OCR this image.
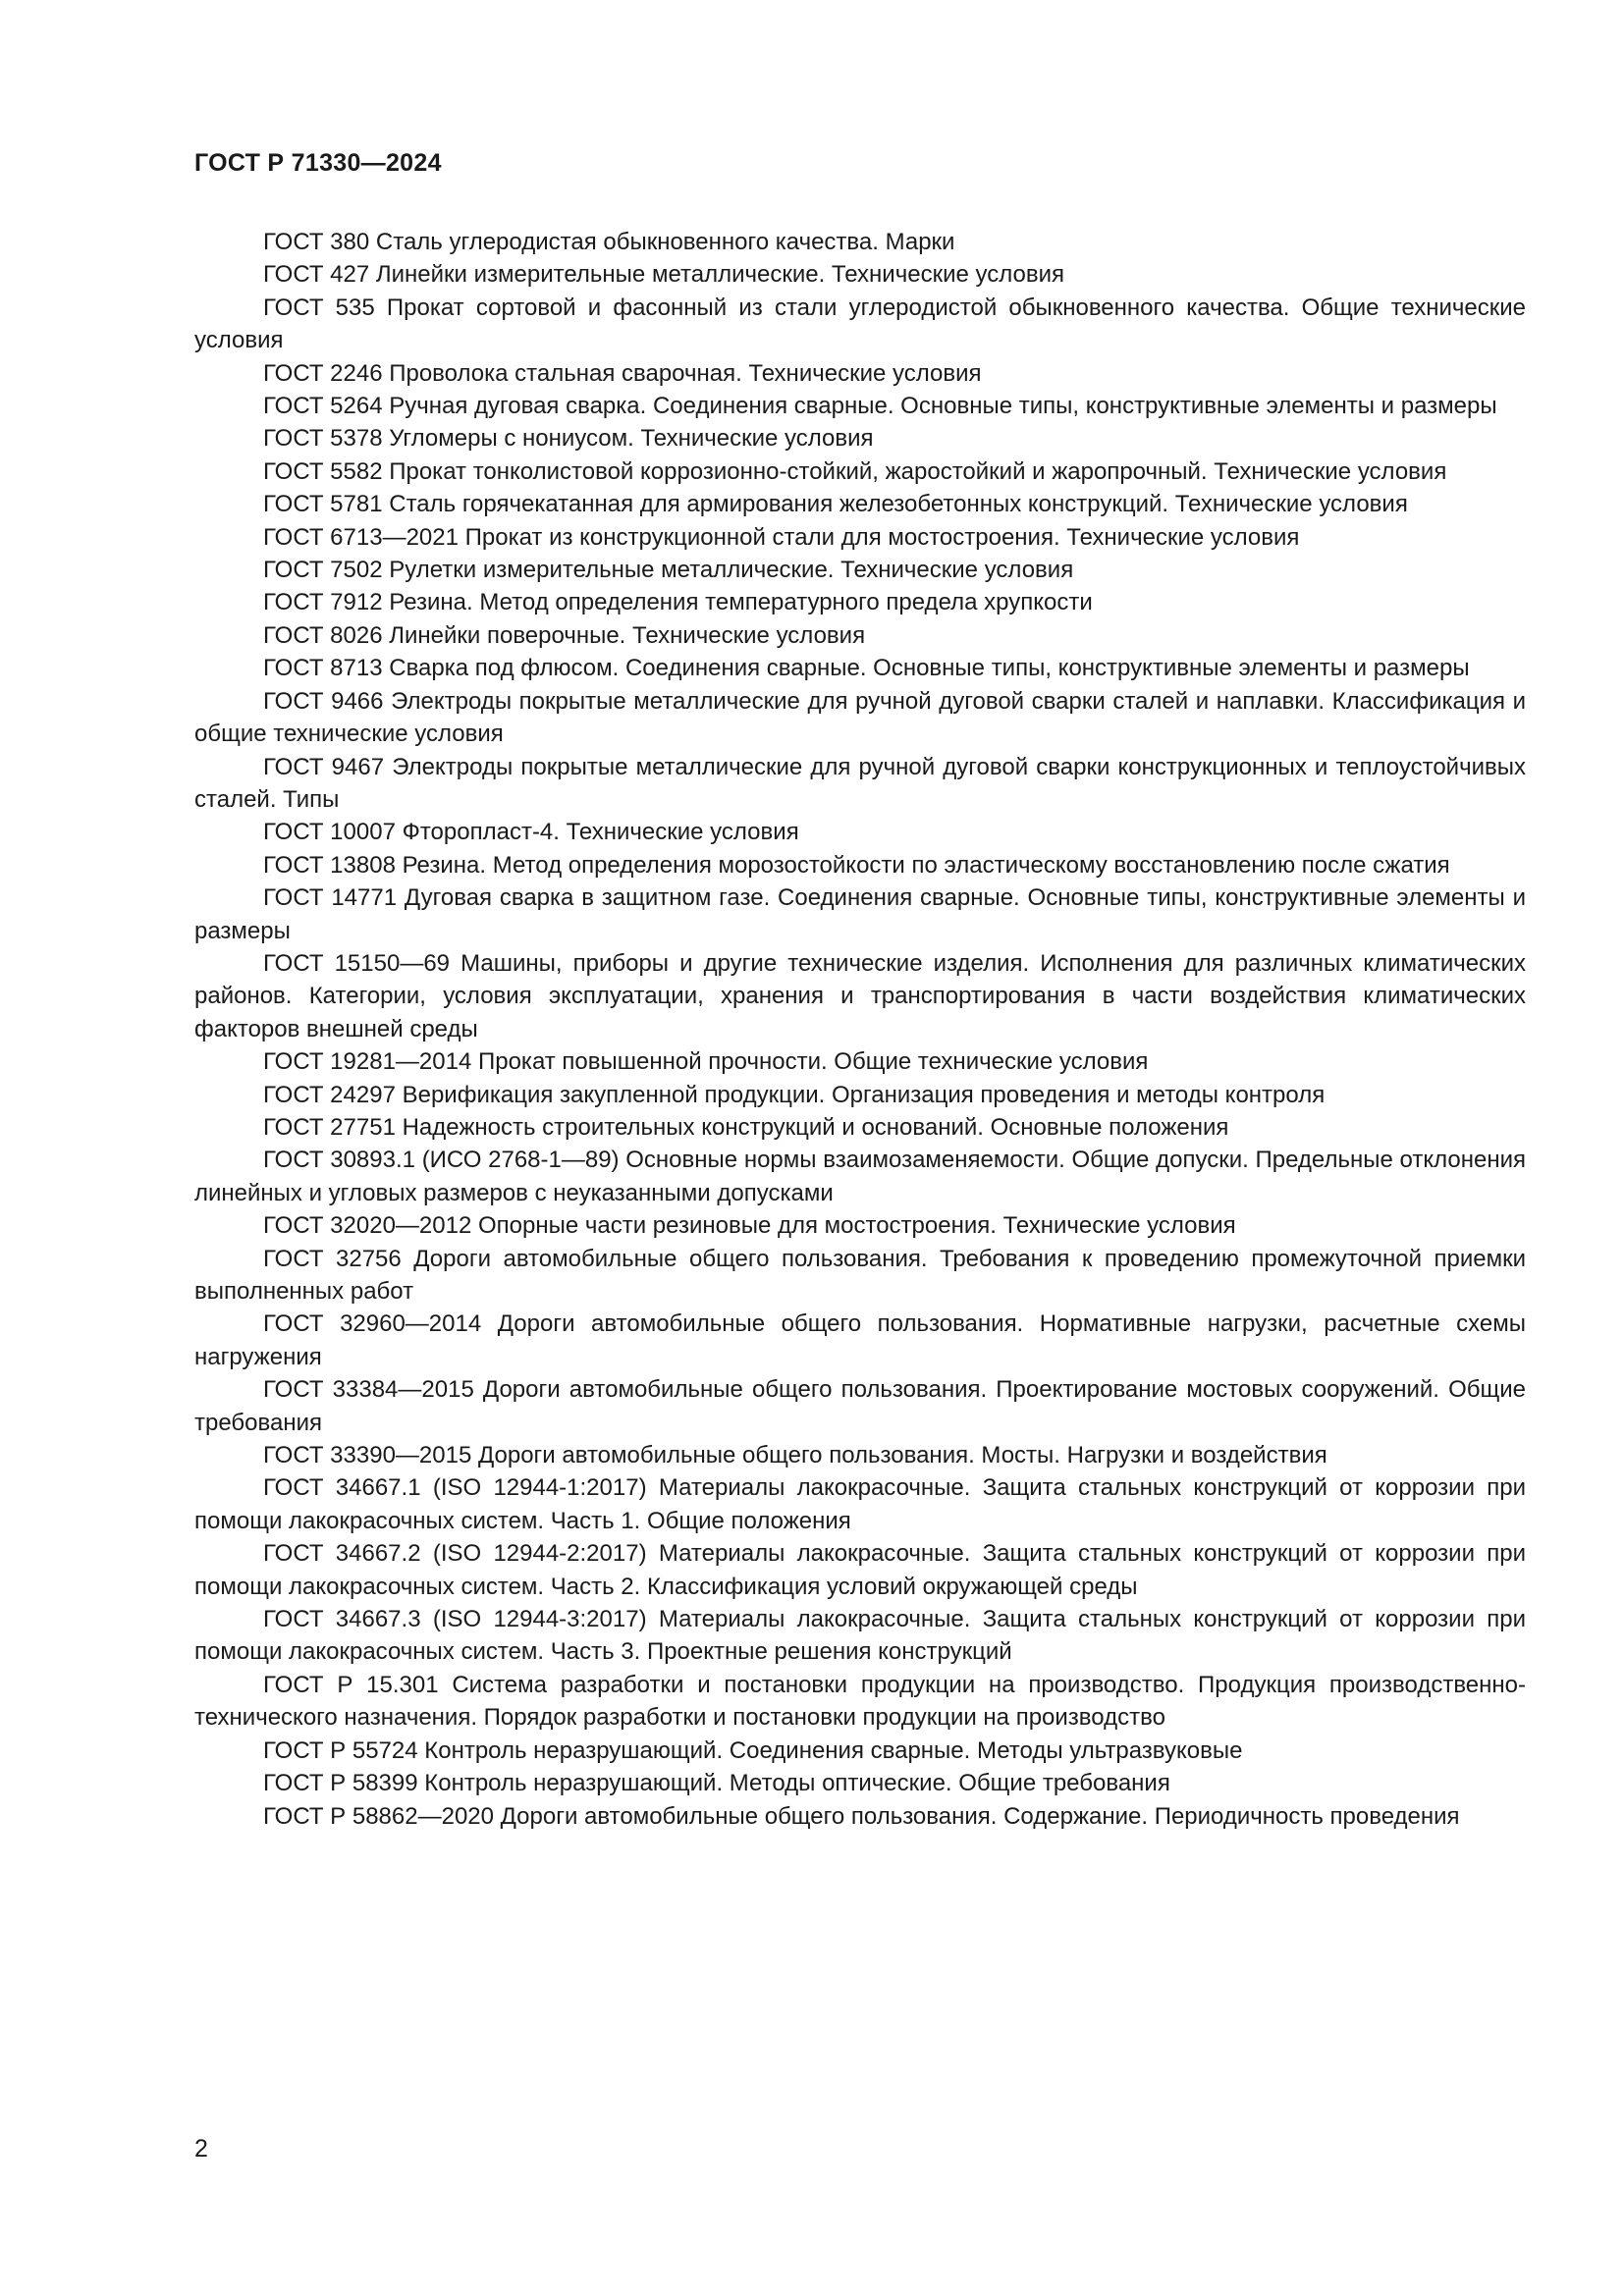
ГОСТ Р 71330—2024

ГОСТ 380 Сталь углеродистая обыкновенного качества. Марки

ГОСТ 427 Линейки измерительные металлические. Технические условия

ГОСТ 535 Прокат сортовой и фасонный из стали углеродистой обыкновенного качества. Общие технические условия

ГОСТ 2246 Проволока стальная сварочная. Технические условия

ГОСТ 5264 Ручная дуговая сварка. Соединения сварные. Основные типы, конструктивные элементы и размеры

ГОСТ 5378 Угломеры с нониусом. Технические условия

ГОСТ 5582 Прокат тонколистовой коррозионно-стойкий, жаростойкий и жаропрочный. Технические условия

ГОСТ 5781 Сталь горячекатанная для армирования железобетонных конструкций. Технические условия

ГОСТ 6713—2021 Прокат из конструкционной стали для мостостроения. Технические условия

ГОСТ 7502 Рулетки измерительные металлические. Технические условия

ГОСТ 7912 Резина. Метод определения температурного предела хрупкости

ГОСТ 8026 Линейки поверочные. Технические условия

ГОСТ 8713 Сварка под флюсом. Соединения сварные. Основные типы, конструктивные элементы и размеры

ГОСТ 9466 Электроды покрытые металлические для ручной дуговой сварки сталей и наплавки. Классификация и общие технические условия

ГОСТ 9467 Электроды покрытые металлические для ручной дуговой сварки конструкционных и теплоустойчивых сталей. Типы

ГОСТ 10007 Фторопласт-4. Технические условия

ГОСТ 13808 Резина. Метод определения морозостойкости по эластическому восстановлению после сжатия

ГОСТ 14771 Дуговая сварка в защитном газе. Соединения сварные. Основные типы, конструктивные элементы и размеры

ГОСТ 15150—69 Машины, приборы и другие технические изделия. Исполнения для различных климатических районов. Категории, условия эксплуатации, хранения и транспортирования в части воздействия климатических факторов внешней среды

ГОСТ 19281—2014 Прокат повышенной прочности. Общие технические условия

ГОСТ 24297 Верификация закупленной продукции. Организация проведения и методы контроля

ГОСТ 27751 Надежность строительных конструкций и оснований. Основные положения

ГОСТ 30893.1 (ИСО 2768-1—89) Основные нормы взаимозаменяемости. Общие допуски. Предельные отклонения линейных и угловых размеров с неуказанными допусками

ГОСТ 32020—2012 Опорные части резиновые для мостостроения. Технические условия

ГОСТ 32756 Дороги автомобильные общего пользования. Требования к проведению промежуточной приемки выполненных работ

ГОСТ 32960—2014 Дороги автомобильные общего пользования. Нормативные нагрузки, расчетные схемы нагружения

ГОСТ 33384—2015 Дороги автомобильные общего пользования. Проектирование мостовых сооружений. Общие требования

ГОСТ 33390—2015 Дороги автомобильные общего пользования. Мосты. Нагрузки и воздействия

ГОСТ 34667.1 (ISO 12944-1:2017) Материалы лакокрасочные. Защита стальных конструкций от коррозии при помощи лакокрасочных систем. Часть 1. Общие положения

ГОСТ 34667.2 (ISO 12944-2:2017) Материалы лакокрасочные. Защита стальных конструкций от коррозии при помощи лакокрасочных систем. Часть 2. Классификация условий окружающей среды

ГОСТ 34667.3 (ISO 12944-3:2017) Материалы лакокрасочные. Защита стальных конструкций от коррозии при помощи лакокрасочных систем. Часть 3. Проектные решения конструкций

ГОСТ Р 15.301 Система разработки и постановки продукции на производство. Продукция производственно-технического назначения. Порядок разработки и постановки продукции на производство

ГОСТ Р 55724 Контроль неразрушающий. Соединения сварные. Методы ультразвуковые

ГОСТ Р 58399 Контроль неразрушающий. Методы оптические. Общие требования

ГОСТ Р 58862—2020 Дороги автомобильные общего пользования. Содержание. Периодичность проведения

2
